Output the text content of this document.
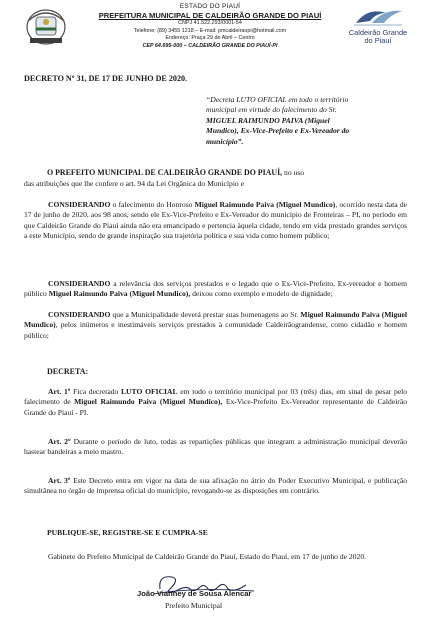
ESTADO DO PIAUÍ
PREFEITURA MUNICIPAL DE CALDEIRÃO GRANDE DO PIAUÍ
CNPJ 41.522.293/0001-54
Telefone: (89) 3455 1218 – E-mail: pmcaldeiraopi@hotmail.com
Endereço: Praça 29 de Abril – Centro
CEP 64.695-000 – CALDEIRÃO GRANDE DO PIAUÍ-PI
Caldeirão Grande
do Piauí
DECRETO Nº 31, DE 17 DE JUNHO DE 2020.
“Decreta LUTO OFICIAL em todo o território
municipal em virtude do falecimento do Sr.
MIGUEL RAIMUNDO PAIVA (Miguel
Mundico), Ex-Vice-Prefeito e Ex-Vereador do
município”.
O PREFEITO MUNICIPAL DE CALDEIRÃO GRANDE DO PIAUÍ, no uso
das atribuições que lhe confere o art. 94 da Lei Orgânica do Município e
CONSIDERANDO o falecimento do Honroso Miguel Raimundo Paiva (Miguel Mundico), ocorrido nesta data de 17 de junho de 2020, aos 98 anos, sendo ele Ex-Vice-Prefeito e Ex-Vereador do município de Fronteiras – PI, no período em que Caldeirão Grande do Piauí ainda não era emancipado e pertencia àquela cidade, tendo em vida prestado grandes serviços a este Município, sendo de grande inspiração sua trajetória política e sua vida como homem público;
CONSIDERANDO a relevância dos serviços prestados e o legado que o Ex-Vice-Prefeito, Ex-vereador e homem público Miguel Raimundo Paiva (Miguel Mundico), deixou como exemplo e modelo de dignidade;
CONSIDERANDO que a Municipalidade deverá prestar suas homenagens ao Sr. Miguel Raimundo Paiva (Miguel Mundico), pelos inúmeros e inestimáveis serviços prestados à comunidade Caldeirãograndense, como cidadão e homem público;
DECRETA:
Art. 1º Fica decretado LUTO OFICIAL em todo o território municipal por 03 (três) dias, em sinal de pesar pelo falecimento de Miguel Raimundo Paiva (Miguel Mundico), Ex-Vice-Prefeito Ex-Vereador representante de Caldeirão Grande do Piauí - PI.
Art. 2º Durante o período de luto, todas as repartições públicas que integram a administração municipal deverão hastear bandeiras a meio mastro.
Art. 3º Este Decreto entra em vigor na data de sua afixação no átrio do Poder Executivo Municipal, e publicação simultânea no órgão de imprensa oficial do município, revogando-se as disposições em contrário.
PUBLIQUE-SE, REGISTRE-SE E CUMPRA-SE
Gabinete do Prefeito Municipal de Caldeirão Grande do Piauí, Estado do Piauí, em 17 de junho de 2020.
João Vianney de Sousa Alencar
Prefeito Municipal
